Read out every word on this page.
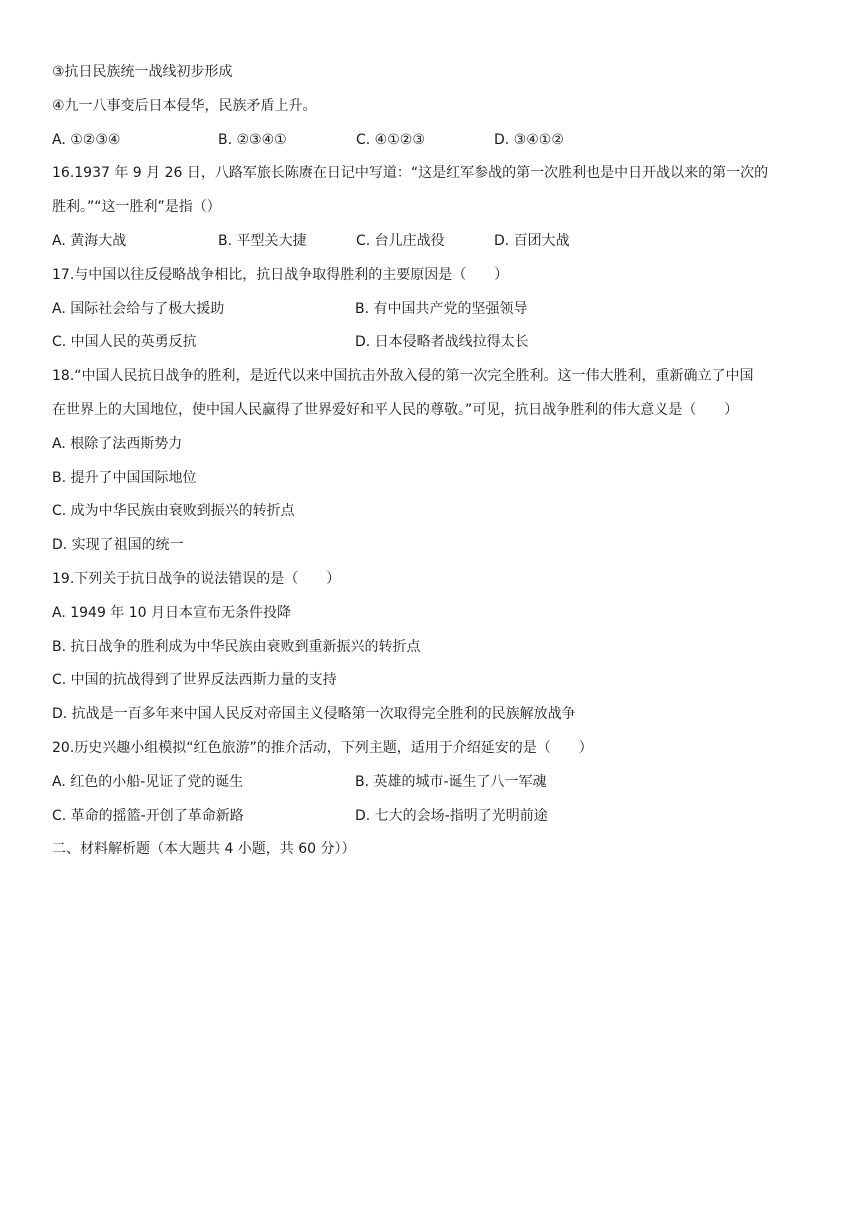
③抗日民族统一战线初步形成
④九一八事变后日本侵华，民族矛盾上升。
A. ①②③④	B. ②③④①	C. ④①②③	D. ③④①②
16.1937 年 9 月 26 日，八路军旅长陈赓在日记中写道：“这是红军参战的第一次胜利也是中日开战以来的第一次的
胜利。”“这一胜利”是指（）
A. 黄海大战	B. 平型关大捷	C. 台儿庄战役	D. 百团大战
17.与中国以往反侵略战争相比，抗日战争取得胜利的主要原因是（　　）
A. 国际社会给与了极大援助	B. 有中国共产党的坚强领导
C. 中国人民的英勇反抗	D. 日本侵略者战线拉得太长
18.“中国人民抗日战争的胜利，是近代以来中国抗击外敌入侵的第一次完全胜利。这一伟大胜利，重新确立了中国
在世界上的大国地位，使中国人民赢得了世界爱好和平人民的尊敬。”可见，抗日战争胜利的伟大意义是（　　）
A. 根除了法西斯势力
B. 提升了中国国际地位
C. 成为中华民族由衰败到振兴的转折点
D. 实现了祖国的统一
19.下列关于抗日战争的说法错误的是（　　）
A. 1949 年 10 月日本宣布无条件投降
B. 抗日战争的胜利成为中华民族由衰败到重新振兴的转折点
C. 中国的抗战得到了世界反法西斯力量的支持
D. 抗战是一百多年来中国人民反对帝国主义侵略第一次取得完全胜利的民族解放战争
20.历史兴趣小组模拟“红色旅游”的推介活动，下列主题，适用于介绍延安的是（　　）
A. 红色的小船-见证了党的诞生	B. 英雄的城市-诞生了八一军魂
C. 革命的摇篮-开创了革命新路	D. 七大的会场-指明了光明前途
二、材料解析题（本大题共 4 小题，共 60 分））
